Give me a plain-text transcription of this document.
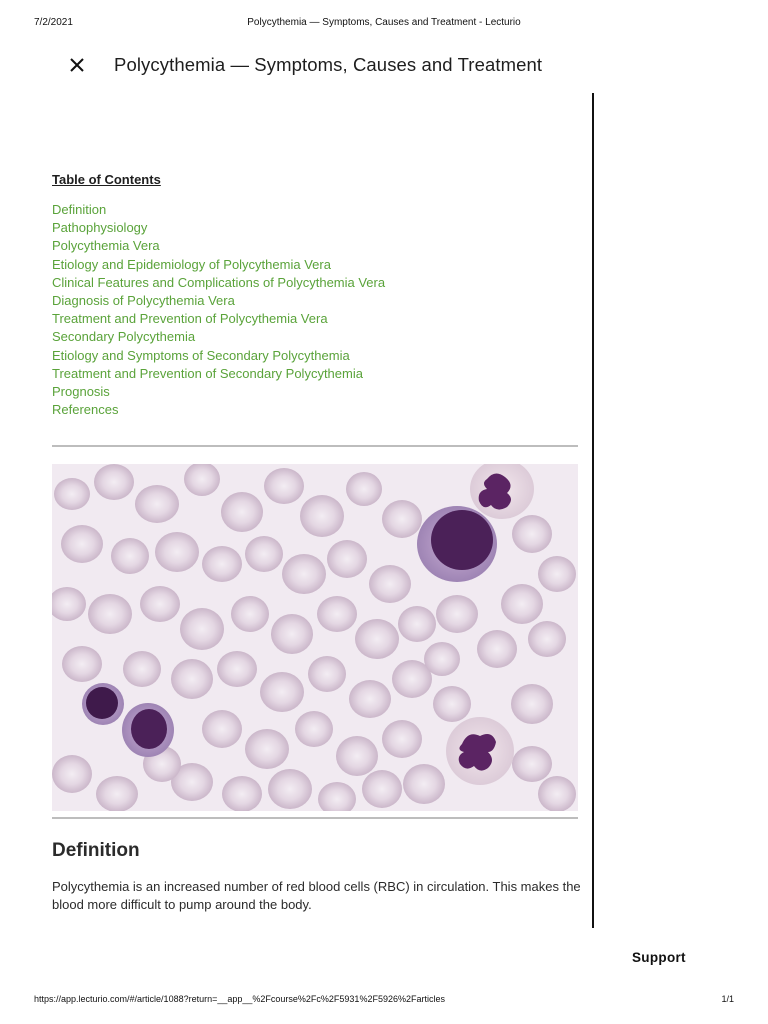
7/2/2021	Polycythemia — Symptoms, Causes and Treatment - Lecturio
Polycythemia — Symptoms, Causes and Treatment
Table of Contents
Definition
Pathophysiology
Polycythemia Vera
Etiology and Epidemiology of Polycythemia Vera
Clinical Features and Complications of Polycythemia Vera
Diagnosis of Polycythemia Vera
Treatment and Prevention of Polycythemia Vera
Secondary Polycythemia
Etiology and Symptoms of Secondary Polycythemia
Treatment and Prevention of Secondary Polycythemia
Prognosis
References
Definition

Polycythemia is an increased number of red blood cells (RBC) in circulation. This makes the blood more difficult to pump around the body.

Support
https://app.lecturio.com/#/article/1088?return=__app__%2Fcourse%2Fc%2F5931%2F5926%2Farticles	1/1
